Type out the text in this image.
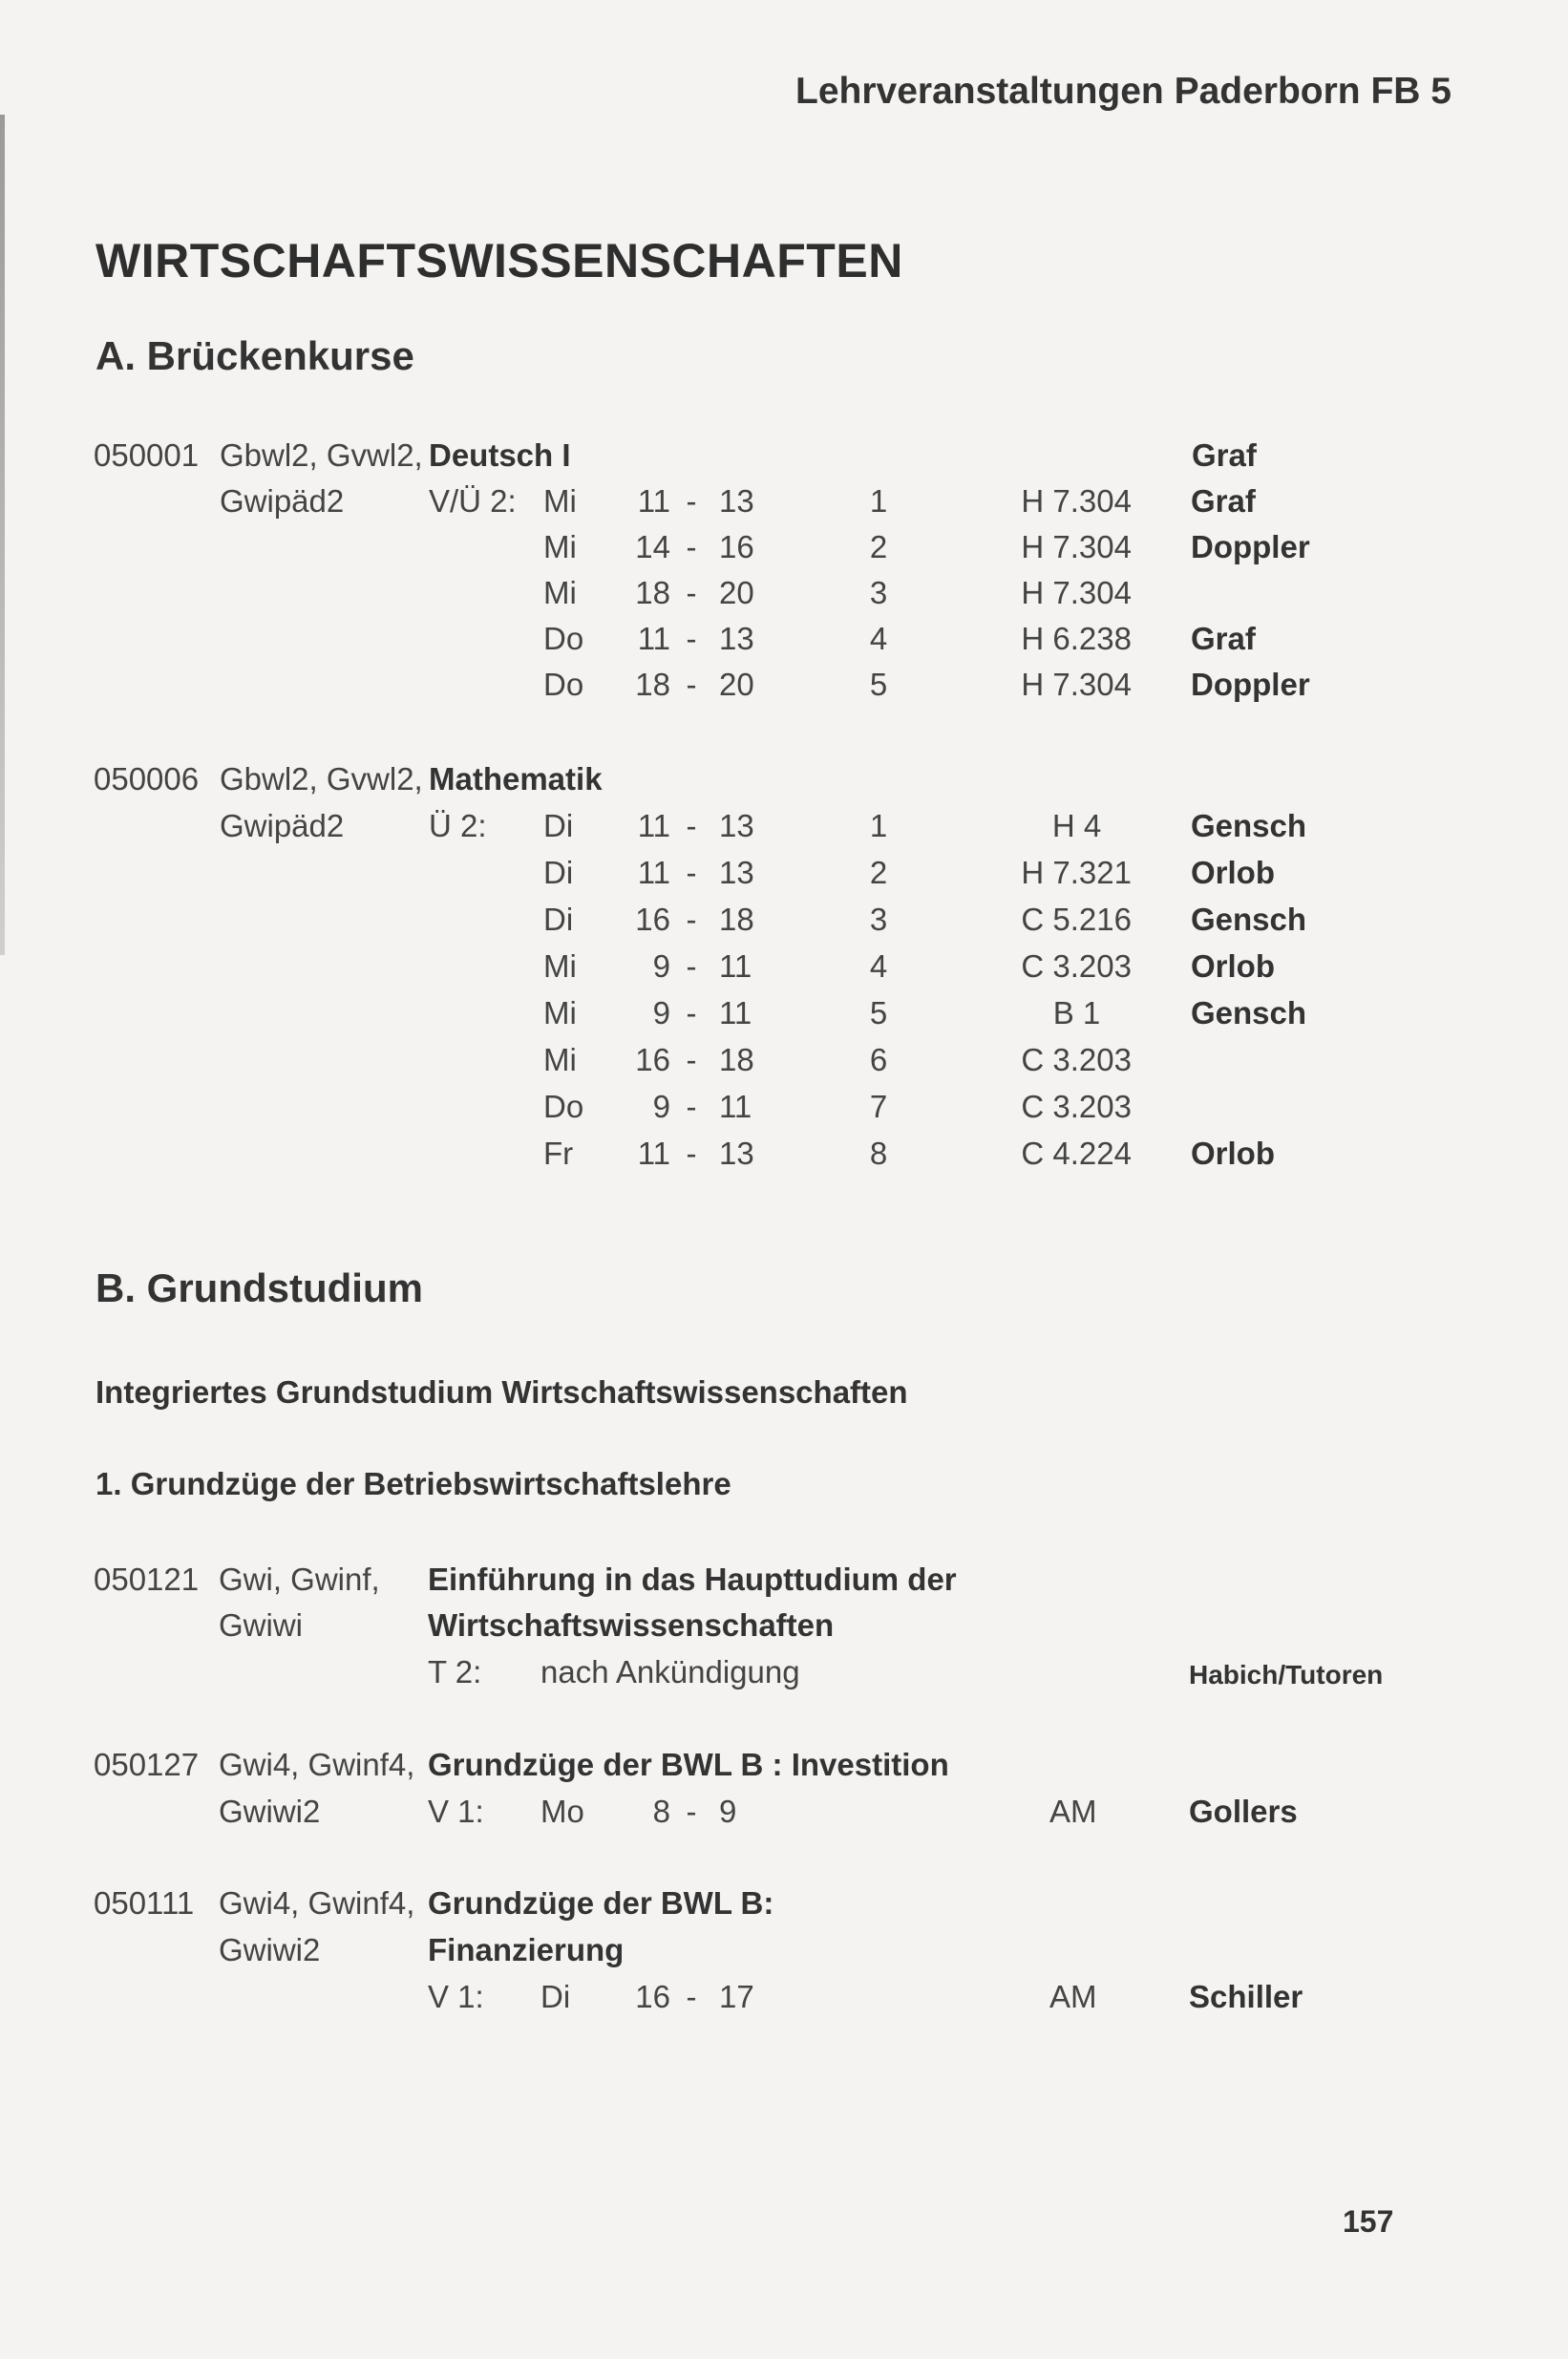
Lehrveranstaltungen Paderborn FB 5
WIRTSCHAFTSWISSENSCHAFTEN
A. Brückenkurse
050001 Gbwl2, Gvwl2, Deutsch I	Graf
Gwipäd2	V/Ü 2: Mi	11 - 13	1	H 7.304 Graf
Mi	14 - 16	2	H 7.304 Doppler
Mi	18 - 20	3	H 7.304
Do	11 - 13	4	H 6.238 Graf
Do	18 - 20	5	H 7.304 Doppler
050006 Gbwl2, Gvwl2, Mathematik
Gwipäd2	Ü 2: Di	11 - 13	1	H 4	Gensch
Di	11 - 13	2	H 7.321 Orlob
Di	16 - 18	3	C 5.216 Gensch
Mi	9 - 11	4	C 3.203 Orlob
Mi	9 - 11	5	B 1	Gensch
Mi	16 - 18	6	C 3.203
Do	9 - 11	7	C 3.203
Fr	11 - 13	8	C 4.224 Orlob
B. Grundstudium
Integriertes Grundstudium Wirtschaftswissenschaften
1. Grundzüge der Betriebswirtschaftslehre
050121 Gwi, Gwinf, Einführung in das Haupttudium der
Gwiwi	Wirtschaftswissenschaften
T 2: nach Ankündigung	Habich/Tutoren
050127 Gwi4, Gwinf4, Grundzüge der BWL B : Investition
Gwiwi2	V 1: Mo	8 - 9	AM	Gollers
050111 Gwi4, Gwinf4, Grundzüge der BWL B:
Gwiwi2	Finanzierung
V 1: Di	16 - 17	AM	Schiller
157
